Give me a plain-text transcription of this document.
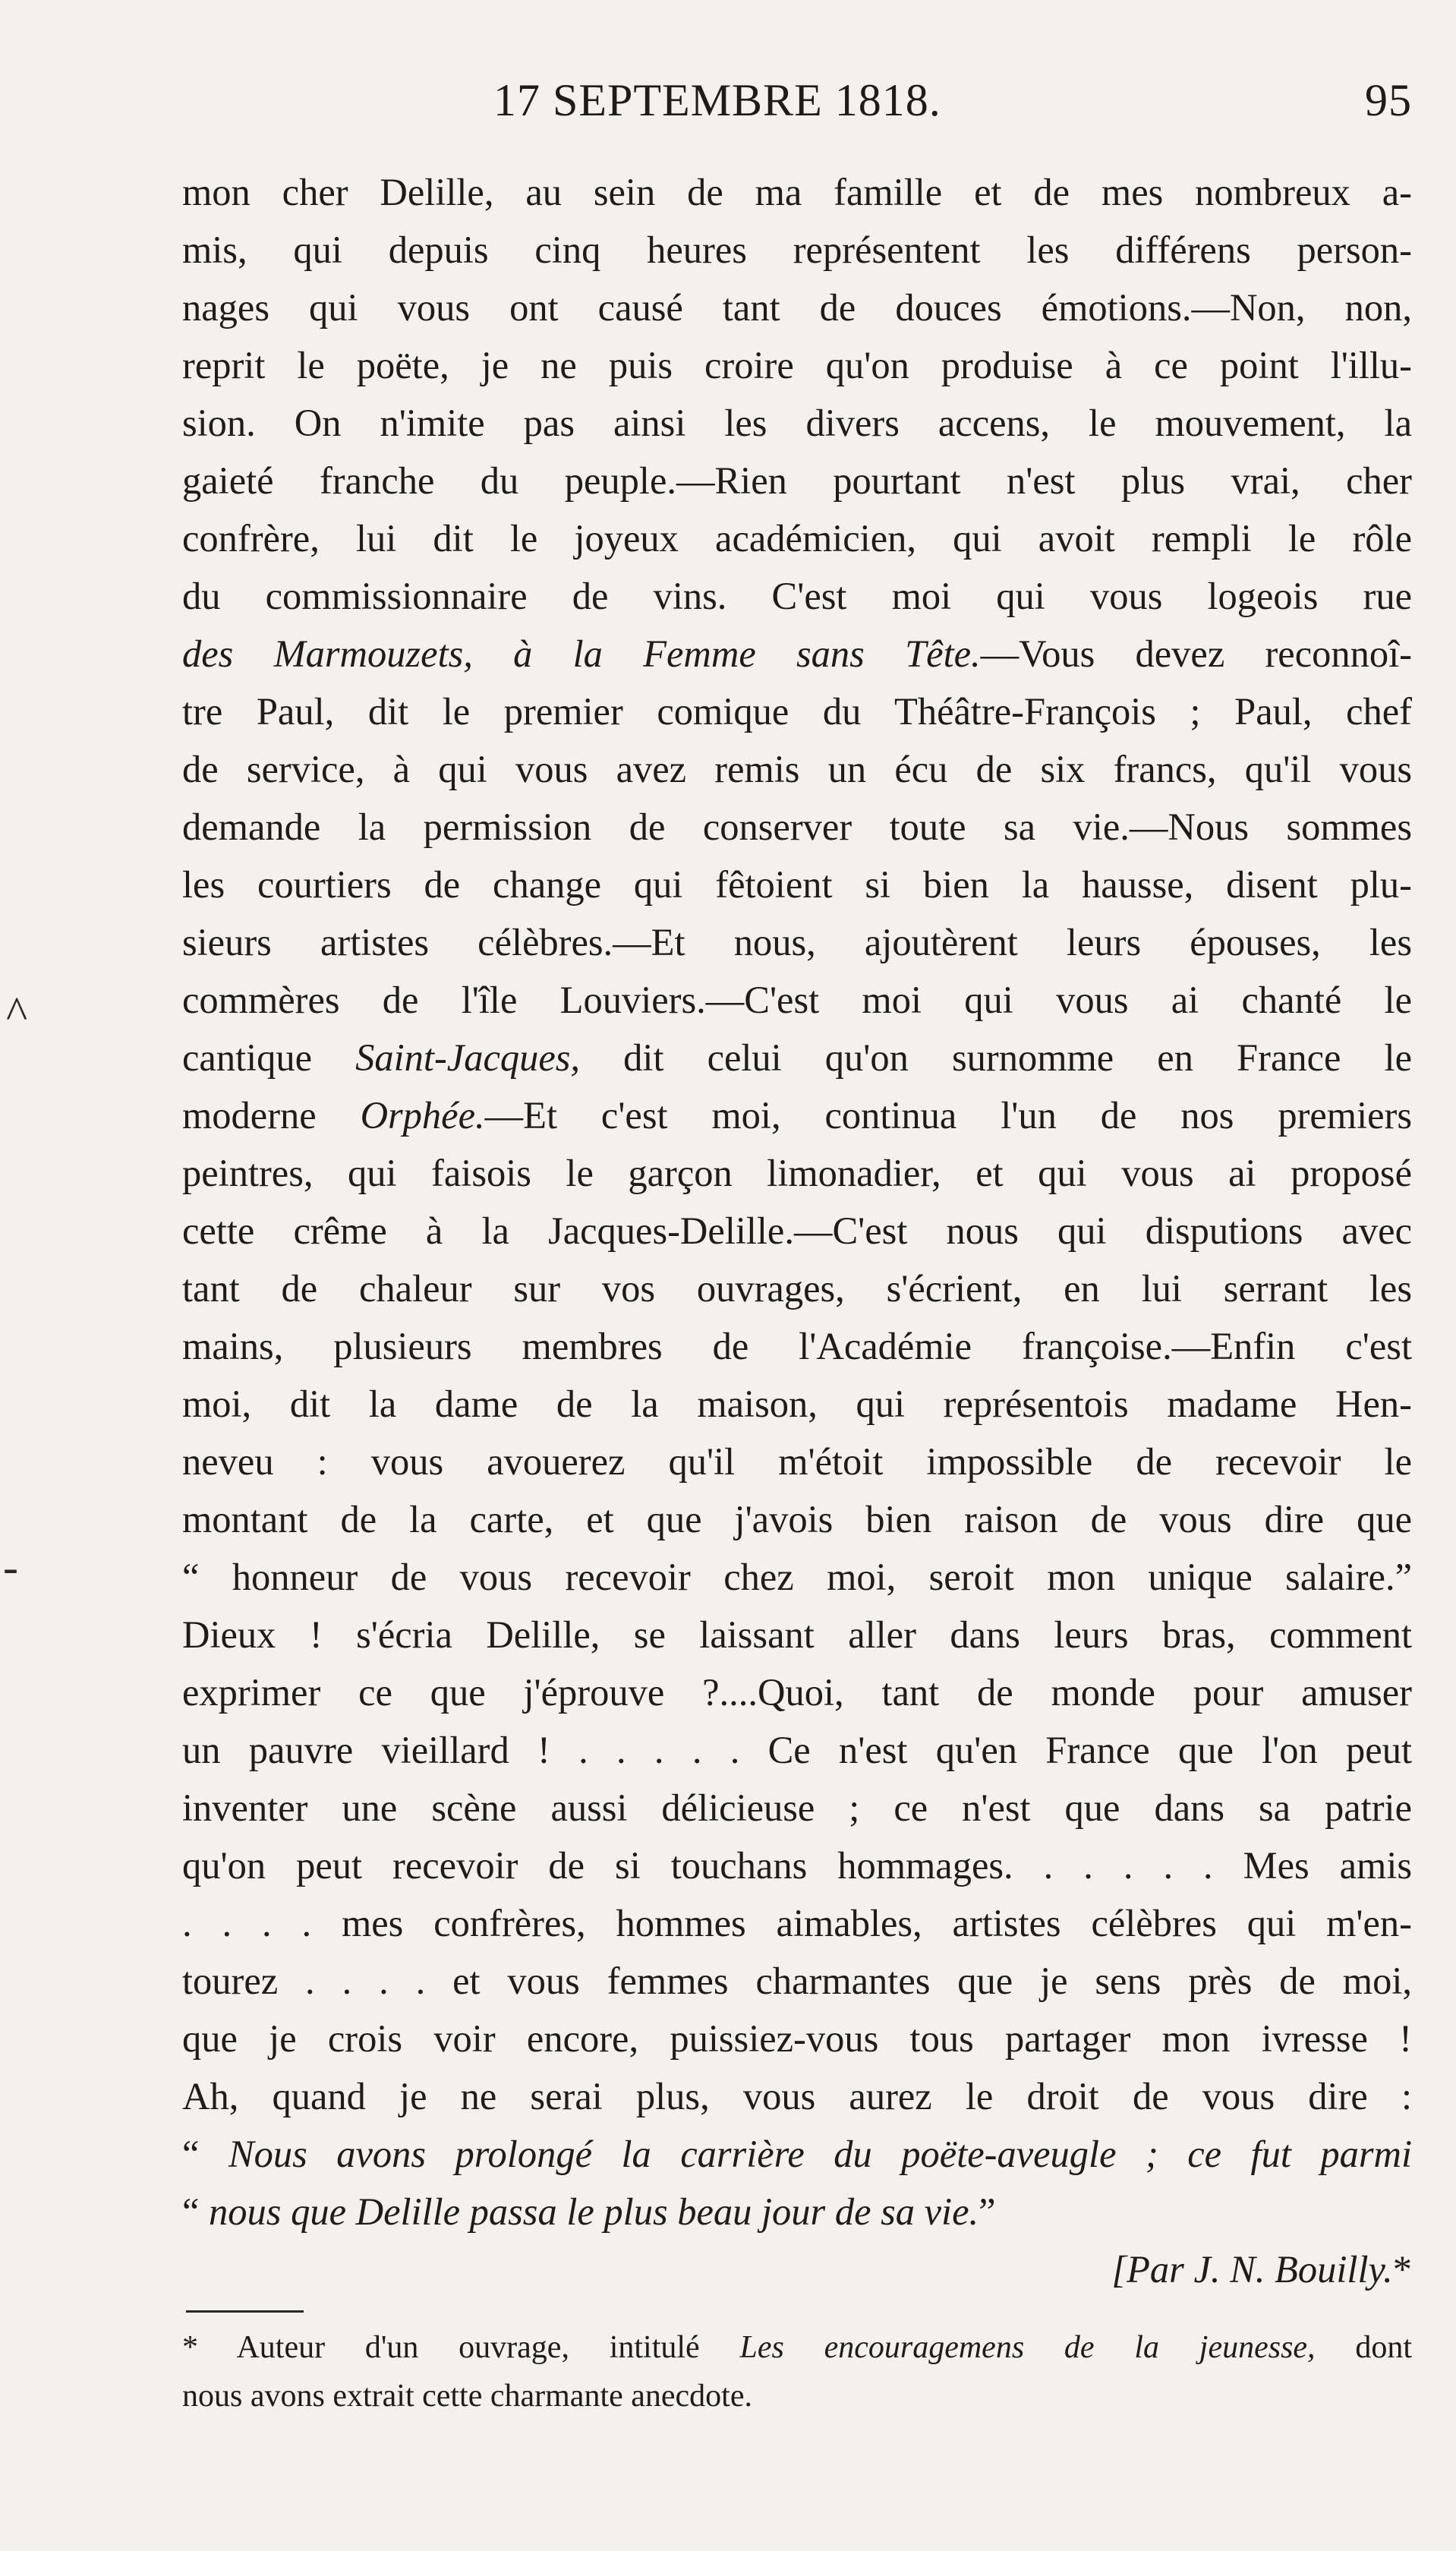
17 SEPTEMBRE 1818.	95
mon cher Delille, au sein de ma famille et de mes nombreux a-
mis, qui depuis cinq heures représentent les différens person-
nages qui vous ont causé tant de douces émotions.—Non, non,
reprit le poëte, je ne puis croire qu'on produise à ce point l'illu-
sion. On n'imite pas ainsi les divers accens, le mouvement, la
gaieté franche du peuple.—Rien pourtant n'est plus vrai, cher
confrère, lui dit le joyeux académicien, qui avoit rempli le rôle
du commissionnaire de vins. C'est moi qui vous logeois rue
des Marmouzets, à la Femme sans Tête.—Vous devez reconnoî-
tre Paul, dit le premier comique du Théâtre-François ; Paul, chef
de service, à qui vous avez remis un écu de six francs, qu'il vous
demande la permission de conserver toute sa vie.—Nous sommes
les courtiers de change qui fêtoient si bien la hausse, disent plu-
sieurs artistes célèbres.—Et nous, ajoutèrent leurs épouses, les
commères de l'île Louviers.—C'est moi qui vous ai chanté le
cantique Saint-Jacques, dit celui qu'on surnomme en France le
moderne Orphée.—Et c'est moi, continua l'un de nos premiers
peintres, qui faisois le garçon limonadier, et qui vous ai proposé
cette crême à la Jacques-Delille.—C'est nous qui disputions avec
tant de chaleur sur vos ouvrages, s'écrient, en lui serrant les
mains, plusieurs membres de l'Académie françoise.—Enfin c'est
moi, dit la dame de la maison, qui représentois madame Hen-
neveu : vous avouerez qu'il m'étoit impossible de recevoir le
montant de la carte, et que j'avois bien raison de vous dire que
“ honneur de vous recevoir chez moi, seroit mon unique salaire.”
Dieux ! s'écria Delille, se laissant aller dans leurs bras, comment
exprimer ce que j'éprouve ?....Quoi, tant de monde pour amuser
un pauvre vieillard ! . . . . . Ce n'est qu'en France que l'on peut
inventer une scène aussi délicieuse ; ce n'est que dans sa patrie
qu'on peut recevoir de si touchans hommages. . . . . . Mes amis
. . . . mes confrères, hommes aimables, artistes célèbres qui m'en-
tourez . . . . et vous femmes charmantes que je sens près de moi,
que je crois voir encore, puissiez-vous tous partager mon ivresse !
Ah, quand je ne serai plus, vous aurez le droit de vous dire :
“ Nous avons prolongé la carrière du poëte-aveugle ; ce fut parmi
“ nous que Delille passa le plus beau jour de sa vie.”
[Par J. N. Bouilly.*
* Auteur d'un ouvrage, intitulé Les encouragemens de la jeunesse, dont
nous avons extrait cette charmante anecdote.
^
-
